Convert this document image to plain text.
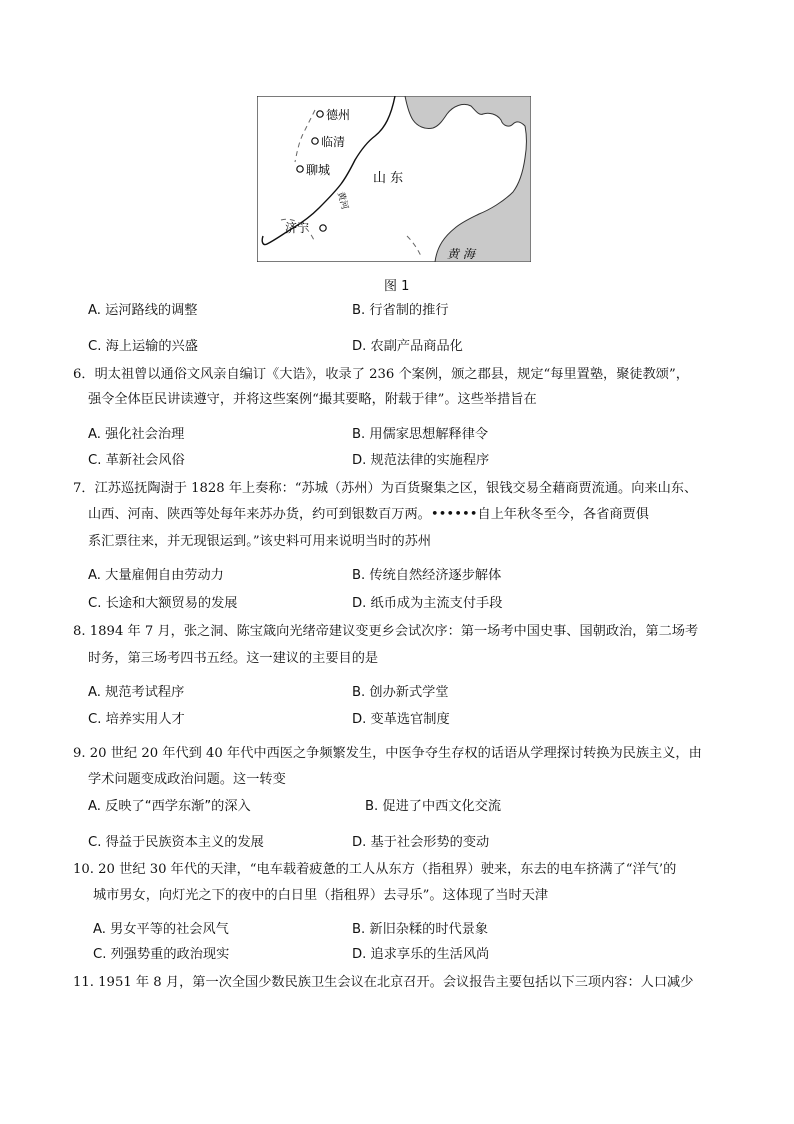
德州
临清
聊城
济宁
山 东
黄河
黄 海
图 1
A. 运河路线的调整	B. 行省制的推行
C. 海上运输的兴盛	D. 农副产品商品化
6．明太祖曾以通俗文风亲自编订《大诰》，收录了 236 个案例，颁之郡县，规定“每里置塾，聚徒教颂”，
强令全体臣民讲读遵守，并将这些案例“撮其要略，附载于律”。这些举措旨在
A. 强化社会治理	B. 用儒家思想解释律令
C. 革新社会风俗	D. 规范法律的实施程序
7．江苏巡抚陶澍于 1828 年上奏称：“苏城（苏州）为百货聚集之区，银钱交易全藉商贾流通。向来山东、
山西、河南、陕西等处每年来苏办货，约可到银数百万两。••••••自上年秋冬至今，各省商贾俱
系汇票往来，并无现银运到。”该史料可用来说明当时的苏州
A. 大量雇佣自由劳动力	B. 传统自然经济逐步解体
C. 长途和大额贸易的发展	D. 纸币成为主流支付手段
8. 1894 年 7 月，张之洞、陈宝箴向光绪帝建议变更乡会试次序：第一场考中国史事、国朝政治，第二场考
时务，第三场考四书五经。这一建议的主要目的是
A. 规范考试程序	B. 创办新式学堂
C. 培养实用人才	D. 变革选官制度
9. 20 世纪 20 年代到 40 年代中西医之争频繁发生，中医争夺生存权的话语从学理探讨转换为民族主义，由
学术问题变成政治问题。这一转变
A. 反映了“西学东渐”的深入	B. 促进了中西文化交流
C. 得益于民族资本主义的发展	D. 基于社会形势的变动
10. 20 世纪 30 年代的天津，“电车载着疲惫的工人从东方（指租界）驶来，东去的电车挤满了“洋气’的
城市男女，向灯光之下的夜中的白日里（指租界）去寻乐”。这体现了当时天津
A. 男女平等的社会风气	B. 新旧杂糅的时代景象
C. 列强势重的政治现实	D. 追求享乐的生活风尚
11. 1951 年 8 月，第一次全国少数民族卫生会议在北京召开。会议报告主要包括以下三项内容：人口减少
